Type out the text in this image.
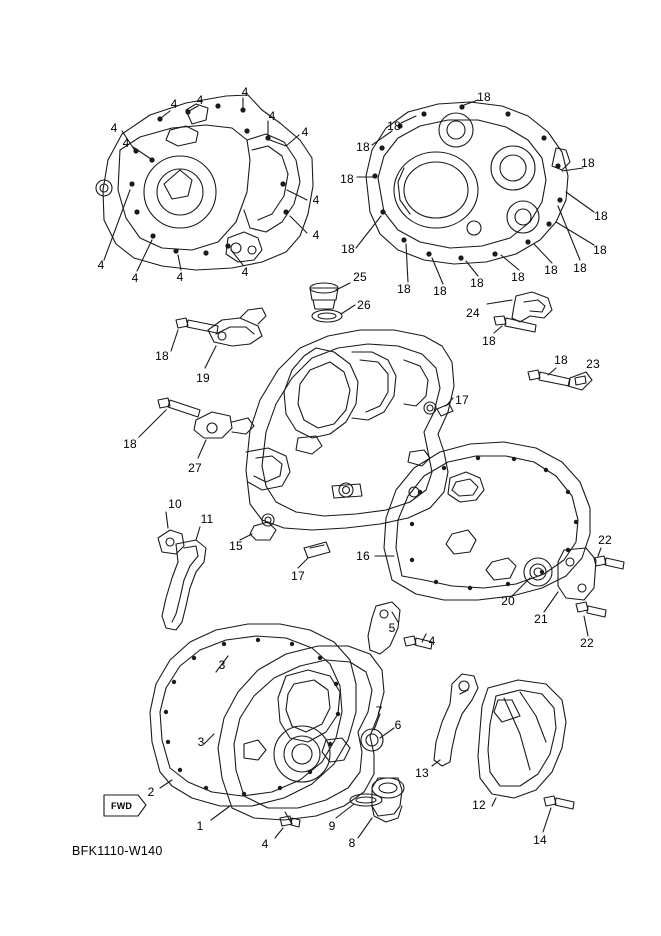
FWD
BFK1110-W140
4 4
4
4
4
4
4
4
4
4
4	4	4
18
18
18
18
18
18
18
18
18 18
18 18 18 18
25
26
24
18
18 23
18
19
17
18
27
10
11
15
17
16
22
20
21
22
3
5
4
3
7
6
13
12
14
2
1
4
9
8
